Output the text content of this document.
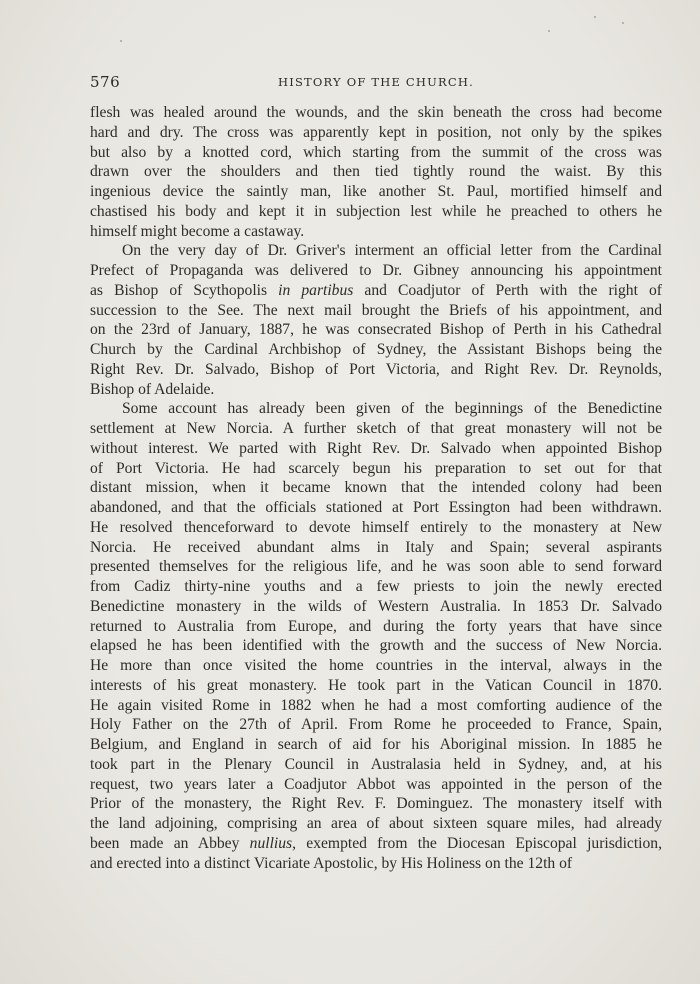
576	HISTORY OF THE CHURCH.
flesh was healed around the wounds, and the skin beneath the cross had become
hard and dry. The cross was apparently kept in position, not only by the spikes
but also by a knotted cord, which starting from the summit of the cross was
drawn over the shoulders and then tied tightly round the waist. By this
ingenious device the saintly man, like another St. Paul, mortified himself and
chastised his body and kept it in subjection lest while he preached to others he
himself might become a castaway.
On the very day of Dr. Griver's interment an official letter from the Cardinal
Prefect of Propaganda was delivered to Dr. Gibney announcing his appointment
as Bishop of Scythopolis in partibus and Coadjutor of Perth with the right of
succession to the See. The next mail brought the Briefs of his appointment, and
on the 23rd of January, 1887, he was consecrated Bishop of Perth in his Cathedral
Church by the Cardinal Archbishop of Sydney, the Assistant Bishops being the
Right Rev. Dr. Salvado, Bishop of Port Victoria, and Right Rev. Dr. Reynolds,
Bishop of Adelaide.
Some account has already been given of the beginnings of the Benedictine
settlement at New Norcia. A further sketch of that great monastery will not be
without interest. We parted with Right Rev. Dr. Salvado when appointed Bishop
of Port Victoria. He had scarcely begun his preparation to set out for that
distant mission, when it became known that the intended colony had been
abandoned, and that the officials stationed at Port Essington had been withdrawn.
He resolved thenceforward to devote himself entirely to the monastery at New
Norcia. He received abundant alms in Italy and Spain; several aspirants
presented themselves for the religious life, and he was soon able to send forward
from Cadiz thirty-nine youths and a few priests to join the newly erected
Benedictine monastery in the wilds of Western Australia. In 1853 Dr. Salvado
returned to Australia from Europe, and during the forty years that have since
elapsed he has been identified with the growth and the success of New Norcia.
He more than once visited the home countries in the interval, always in the
interests of his great monastery. He took part in the Vatican Council in 1870.
He again visited Rome in 1882 when he had a most comforting audience of the
Holy Father on the 27th of April. From Rome he proceeded to France, Spain,
Belgium, and England in search of aid for his Aboriginal mission. In 1885 he
took part in the Plenary Council in Australasia held in Sydney, and, at his
request, two years later a Coadjutor Abbot was appointed in the person of the
Prior of the monastery, the Right Rev. F. Dominguez. The monastery itself with
the land adjoining, comprising an area of about sixteen square miles, had already
been made an Abbey nullius, exempted from the Diocesan Episcopal jurisdiction,
and erected into a distinct Vicariate Apostolic, by His Holiness on the 12th of
